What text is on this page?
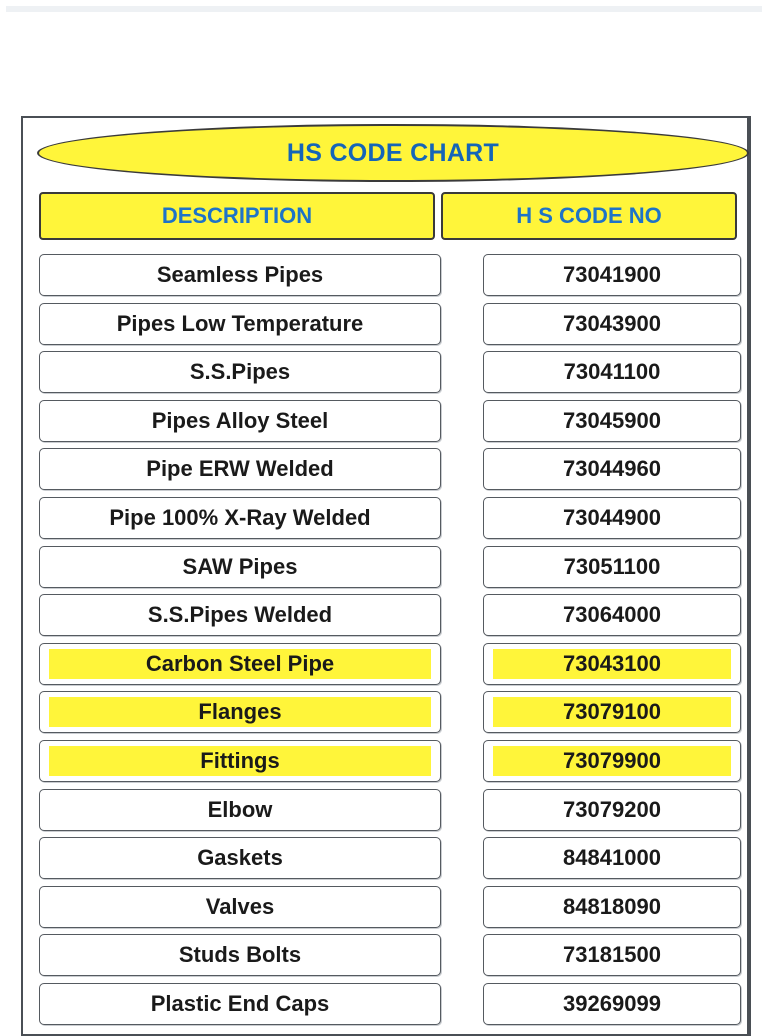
HS CODE CHART
DESCRIPTION	H S CODE NO
Seamless Pipes	73041900
Pipes Low Temperature	73043900
S.S.Pipes	73041100
Pipes Alloy Steel	73045900
Pipe ERW Welded	73044960
Pipe 100% X-Ray Welded	73044900
SAW Pipes	73051100
S.S.Pipes Welded	73064000
Carbon Steel Pipe	73043100
Flanges	73079100
Fittings	73079900
Elbow	73079200
Gaskets	84841000
Valves	84818090
Studs Bolts	73181500
Plastic End Caps	39269099
